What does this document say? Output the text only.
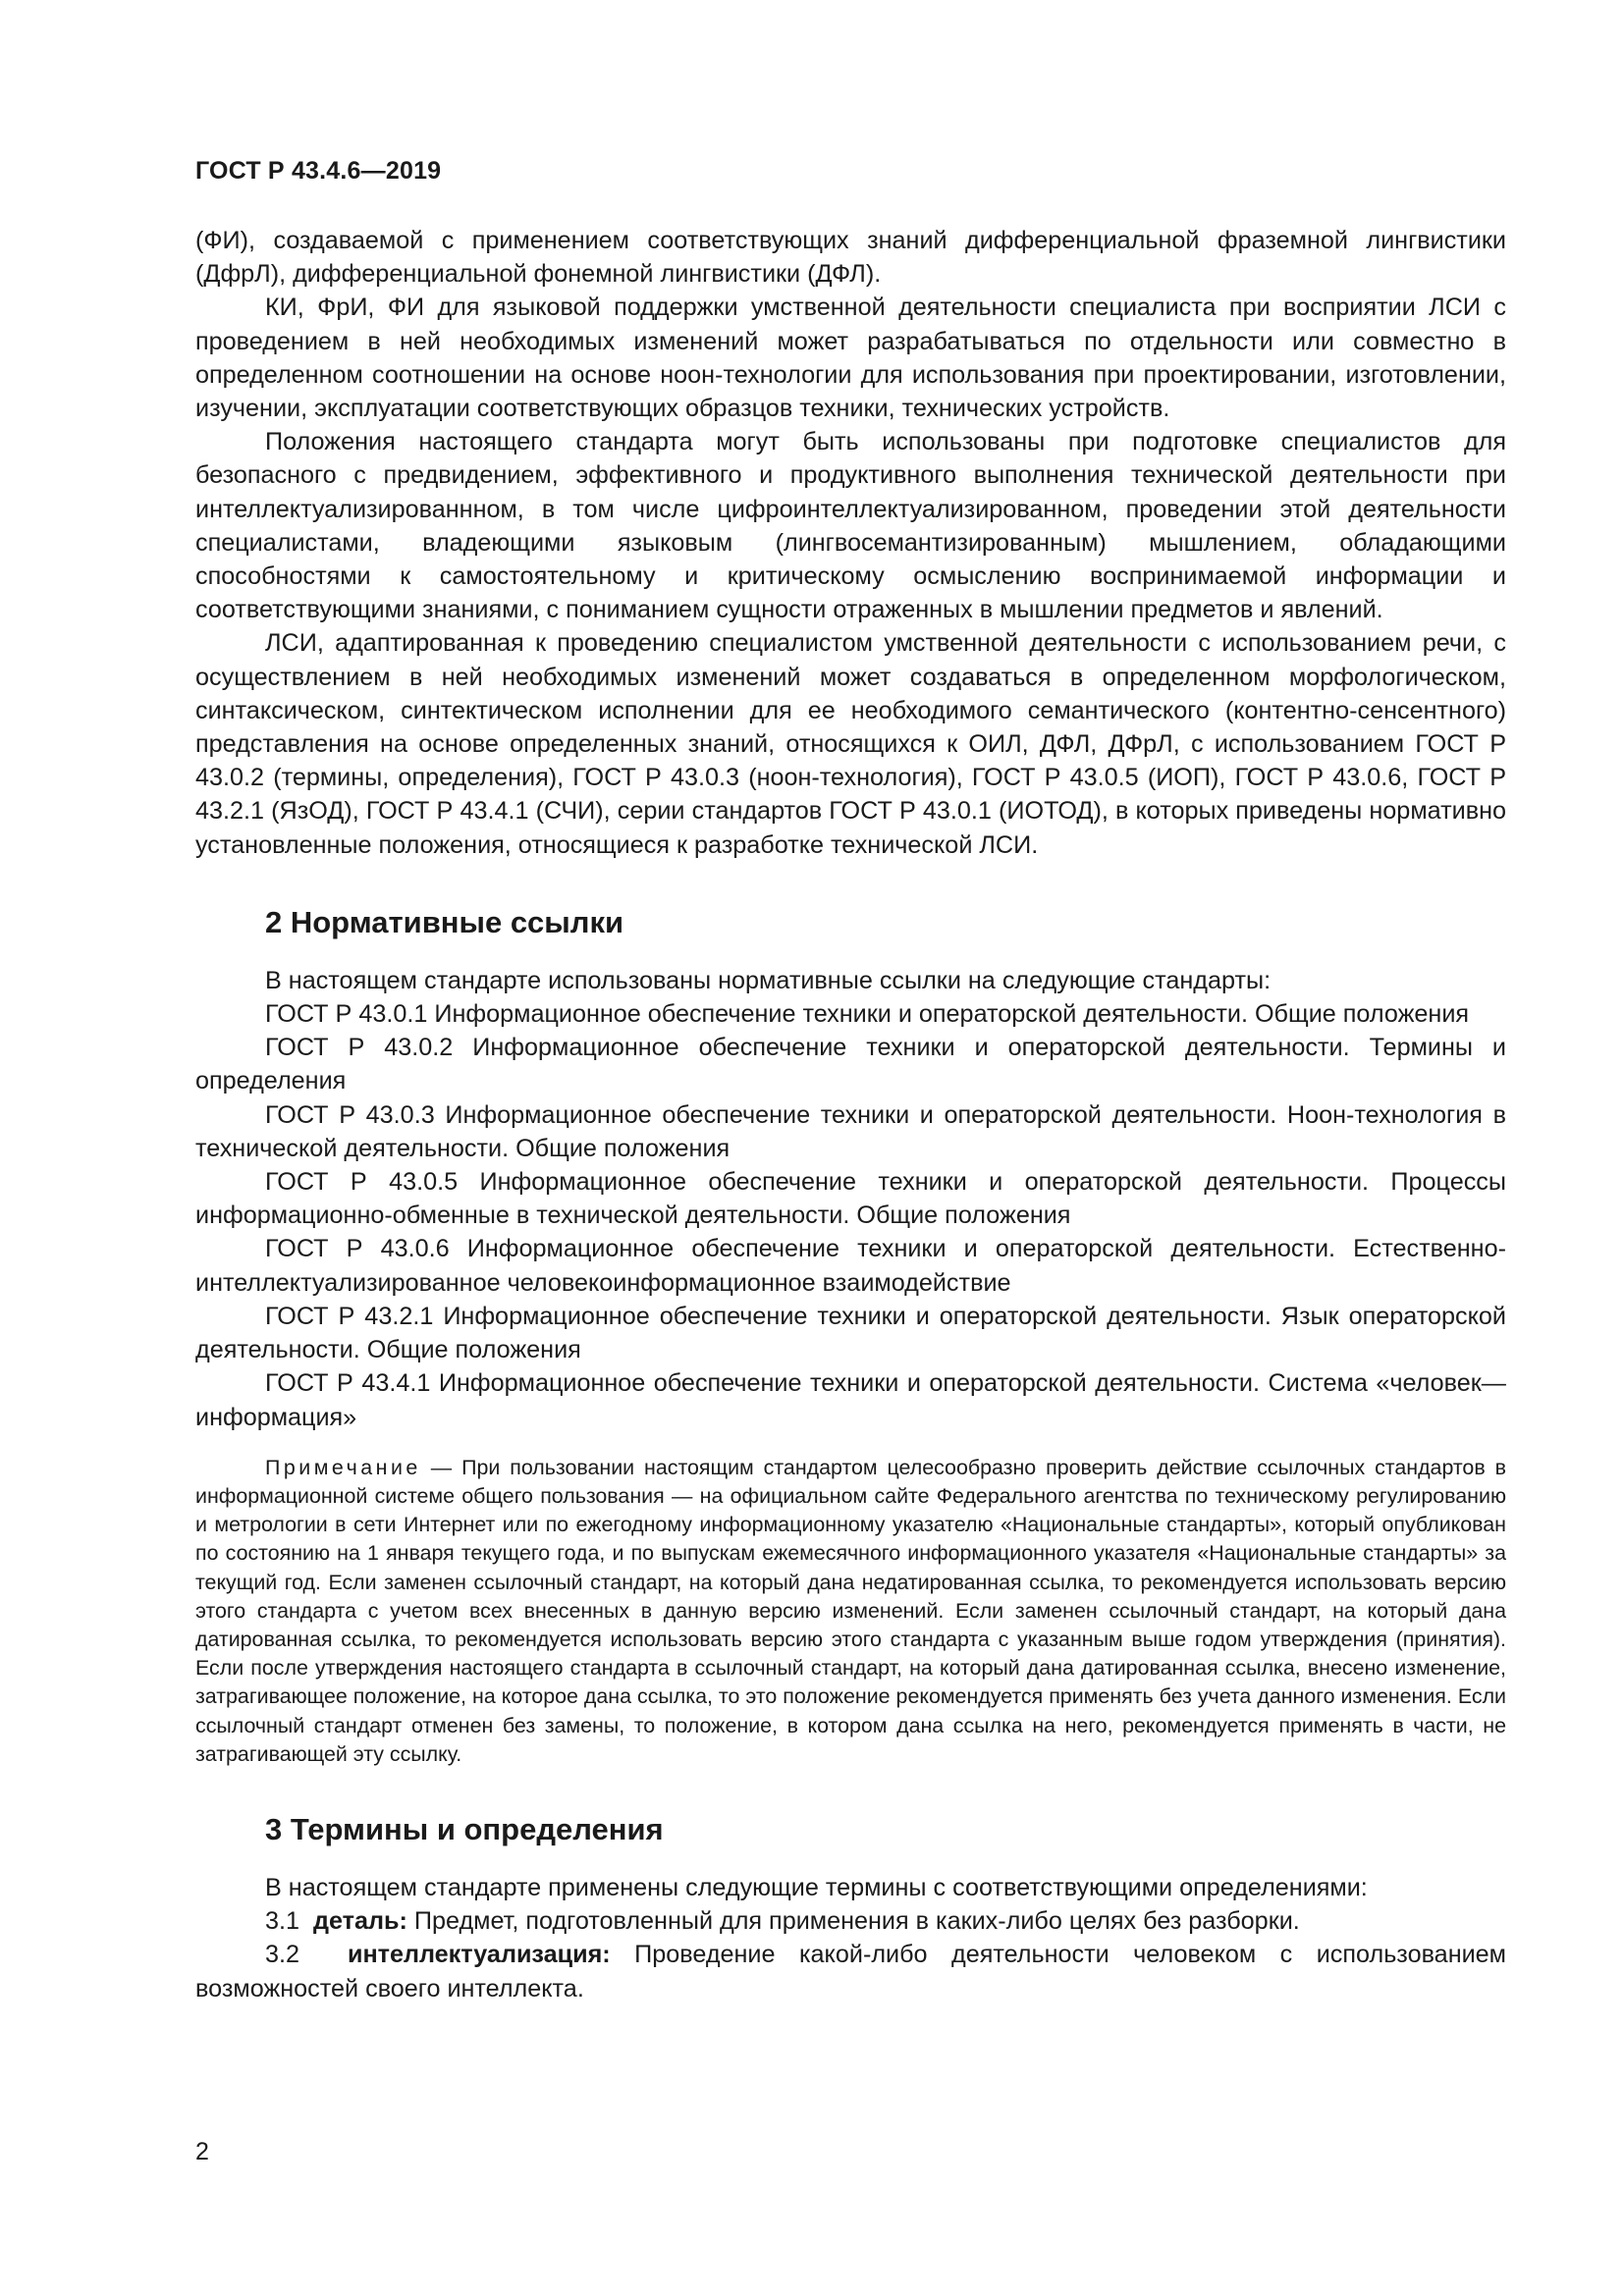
ГОСТ Р 43.4.6—2019

(ФИ), создаваемой с применением соответствующих знаний дифференциальной фраземной лингвистики (ДфрЛ), дифференциальной фонемной лингвистики (ДФЛ).

КИ, ФрИ, ФИ для языковой поддержки умственной деятельности специалиста при восприятии ЛСИ с проведением в ней необходимых изменений может разрабатываться по отдельности или совместно в определенном соотношении на основе ноон-технологии для использования при проектировании, изготовлении, изучении, эксплуатации соответствующих образцов техники, технических устройств.

Положения настоящего стандарта могут быть использованы при подготовке специалистов для безопасного с предвидением, эффективного и продуктивного выполнения технической деятельности при интеллектуализированнном, в том числе цифроинтеллектуализированном, проведении этой деятельности специалистами, владеющими языковым (лингвосемантизированным) мышлением, обладающими способностями к самостоятельному и критическому осмыслению воспринимаемой информации и соответствующими знаниями, с пониманием сущности отраженных в мышлении предметов и явлений.

ЛСИ, адаптированная к проведению специалистом умственной деятельности с использованием речи, с осуществлением в ней необходимых изменений может создаваться в определенном морфологическом, синтаксическом, синтектическом исполнении для ее необходимого семантического (контентно-сенсентного) представления на основе определенных знаний, относящихся к ОИЛ, ДФЛ, ДФрЛ, с использованием ГОСТ Р 43.0.2 (термины, определения), ГОСТ Р 43.0.3 (ноон-технология), ГОСТ Р 43.0.5 (ИОП), ГОСТ Р 43.0.6, ГОСТ Р 43.2.1 (ЯзОД), ГОСТ Р 43.4.1 (СЧИ), серии стандартов ГОСТ Р 43.0.1 (ИОТОД), в которых приведены нормативно установленные положения, относящиеся к разработке технической ЛСИ.

2 Нормативные ссылки

В настоящем стандарте использованы нормативные ссылки на следующие стандарты:

ГОСТ Р 43.0.1 Информационное обеспечение техники и операторской деятельности. Общие положения

ГОСТ Р 43.0.2 Информационное обеспечение техники и операторской деятельности. Термины и определения

ГОСТ Р 43.0.3 Информационное обеспечение техники и операторской деятельности. Ноон-технология в технической деятельности. Общие положения

ГОСТ Р 43.0.5 Информационное обеспечение техники и операторской деятельности. Процессы информационно-обменные в технической деятельности. Общие положения

ГОСТ Р 43.0.6 Информационное обеспечение техники и операторской деятельности. Естественно-интеллектуализированное человекоинформационное взаимодействие

ГОСТ Р 43.2.1 Информационное обеспечение техники и операторской деятельности. Язык операторской деятельности. Общие положения

ГОСТ Р 43.4.1 Информационное обеспечение техники и операторской деятельности. Система «человек—информация»

Примечание — При пользовании настоящим стандартом целесообразно проверить действие ссылочных стандартов в информационной системе общего пользования — на официальном сайте Федерального агентства по техническому регулированию и метрологии в сети Интернет или по ежегодному информационному указателю «Национальные стандарты», который опубликован по состоянию на 1 января текущего года, и по выпускам ежемесячного информационного указателя «Национальные стандарты» за текущий год. Если заменен ссылочный стандарт, на который дана недатированная ссылка, то рекомендуется использовать версию этого стандарта с учетом всех внесенных в данную версию изменений. Если заменен ссылочный стандарт, на который дана датированная ссылка, то рекомендуется использовать версию этого стандарта с указанным выше годом утверждения (принятия). Если после утверждения настоящего стандарта в ссылочный стандарт, на который дана датированная ссылка, внесено изменение, затрагивающее положение, на которое дана ссылка, то это положение рекомендуется применять без учета данного изменения. Если ссылочный стандарт отменен без замены, то положение, в котором дана ссылка на него, рекомендуется применять в части, не затрагивающей эту ссылку.
3 Термины и определения

В настоящем стандарте применены следующие термины с соответствующими определениями:

3.1 деталь: Предмет, подготовленный для применения в каких-либо целях без разборки.

3.2 интеллектуализация: Проведение какой-либо деятельности человеком с использованием возможностей своего интеллекта.

2
